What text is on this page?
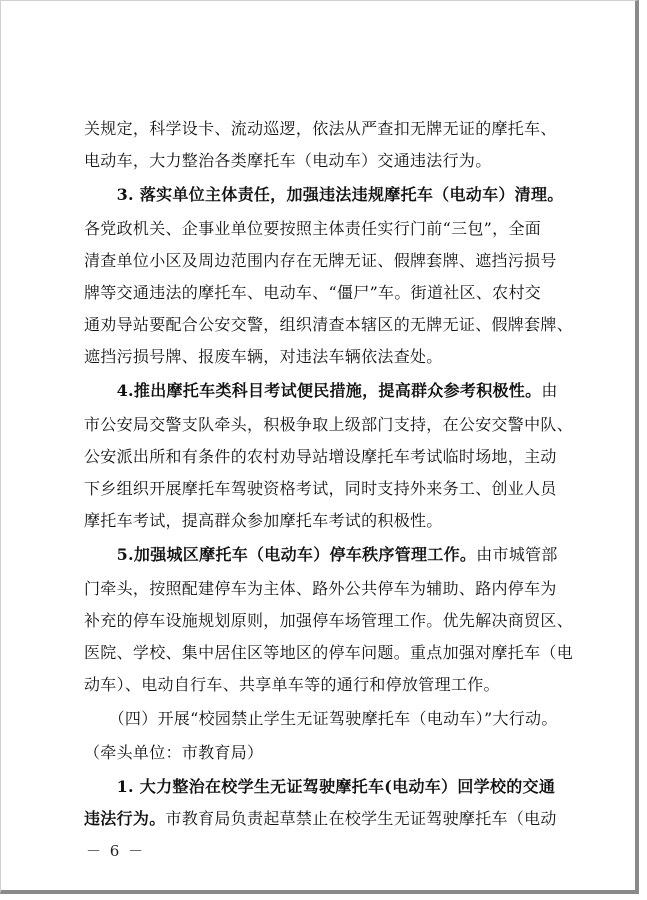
关规定，科学设卡、流动巡逻，依法从严查扣无牌无证的摩托车、
电动车，大力整治各类摩托车（电动车）交通违法行为。
　　3. 落实单位主体责任，加强违法违规摩托车（电动车）清理。
各党政机关、企事业单位要按照主体责任实行门前“三包”，全面
清查单位小区及周边范围内存在无牌无证、假牌套牌、遮挡污损号
牌等交通违法的摩托车、电动车、“僵尸”车。街道社区、农村交
通劝导站要配合公安交警，组织清查本辖区的无牌无证、假牌套牌、
遮挡污损号牌、报废车辆，对违法车辆依法查处。
　　4.推出摩托车类科目考试便民措施，提高群众参考积极性。由
市公安局交警支队牵头，积极争取上级部门支持，在公安交警中队、
公安派出所和有条件的农村劝导站增设摩托车考试临时场地，主动
下乡组织开展摩托车驾驶资格考试，同时支持外来务工、创业人员
摩托车考试，提高群众参加摩托车考试的积极性。
　　5.加强城区摩托车（电动车）停车秩序管理工作。由市城管部
门牵头，按照配建停车为主体、路外公共停车为辅助、路内停车为
补充的停车设施规划原则，加强停车场管理工作。优先解决商贸区、
医院、学校、集中居住区等地区的停车问题。重点加强对摩托车（电
动车）、电动自行车、共享单车等的通行和停放管理工作。
　　（四）开展“校园禁止学生无证驾驶摩托车（电动车）”大行动。
（牵头单位：市教育局）
　　1. 大力整治在校学生无证驾驶摩托车(电动车）回学校的交通
违法行为。市教育局负责起草禁止在校学生无证驾驶摩托车（电动
－ 6 －
